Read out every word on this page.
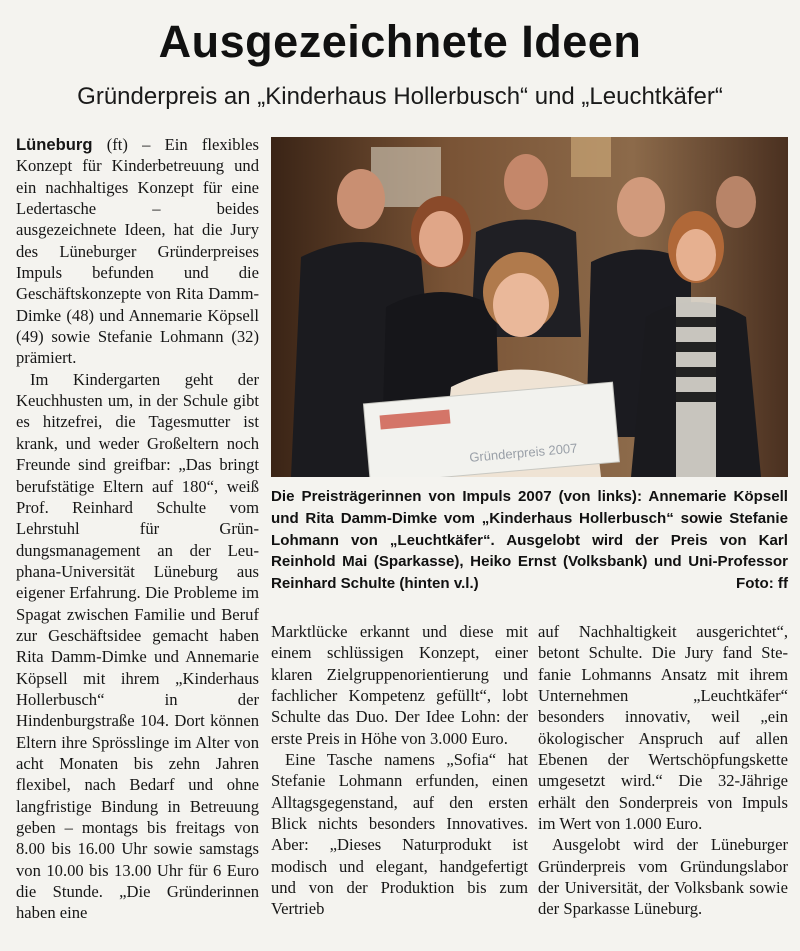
Ausgezeichnete Ideen
Gründerpreis an „Kinderhaus Hollerbusch“ und „Leuchtkäfer“

Lüneburg (ft) – Ein flexibles Konzept für Kinderbetreuung und ein nachhaltiges Konzept für eine Ledertasche – beides ausgezeichnete Ideen, hat die Jury des Lüneburger Gründerpreises Impuls befunden und die Geschäftskonzepte von Rita Damm-Dimke (48) und Annemarie Köpsell (49) sowie Stefanie Lohmann (32) prämiert.

Im Kindergarten geht der Keuchhusten um, in der Schule gibt es hitzefrei, die Tagesmutter ist krank, und weder Großeltern noch Freunde sind greifbar: „Das bringt berufstätige Eltern auf 180“, weiß Prof. Reinhard Schulte vom Lehrstuhl für Gründungsmanagement an der Leuphana-Universität Lüneburg aus eigener Erfahrung. Die Probleme im Spagat zwischen Familie und Beruf zur Geschäftsidee gemacht haben Rita Damm-Dimke und Annemarie Köpsell mit ihrem „Kinderhaus Hollerbusch“ in der Hindenburgstraße 104. Dort können Eltern ihre Sprösslinge im Alter von acht Monaten bis zehn Jahren flexibel, nach Bedarf und ohne langfristige Bindung in Betreuung geben – montags bis freitags von 8.00 bis 16.00 Uhr sowie samstags von 10.00 bis 13.00 Uhr für 6 Euro die Stunde. „Die Gründerinnen haben eine

Gründerpreis 2007
Die Preisträgerinnen von Impuls 2007 (von links): Annemarie Köpsell und Rita Damm-Dimke vom „Kinderhaus Hollerbusch“ sowie Stefanie Lohmann von „Leuchtkäfer“. Ausgelobt wird der Preis von Karl Reinhold Mai (Sparkasse), Heiko Ernst (Volksbank) und Uni-Professor Reinhard Schulte (hinten v.l.)	Foto: ff

Marktlücke erkannt und diese mit einem schlüssigen Konzept, einer klaren Zielgruppenorientierung und fachlicher Kompetenz gefüllt“, lobt Schulte das Duo. Der Idee Lohn: der erste Preis in Höhe von 3.000 Euro.

Eine Tasche namens „Sofia“ hat Stefanie Lohmann erfunden, einen Alltagsgegenstand, auf den ersten Blick nichts besonders Innovatives. Aber: „Dieses Naturprodukt ist modisch und elegant, handgefertigt und von der Produktion bis zum Vertrieb

auf Nachhaltigkeit ausgerichtet“, betont Schulte. Die Jury fand Stefanie Lohmanns Ansatz mit ihrem Unternehmen „Leuchtkäfer“ besonders innovativ, weil „ein ökologischer Anspruch auf allen Ebenen der Wertschöpfungskette umgesetzt wird.“ Die 32-Jährige erhält den Sonderpreis von Impuls im Wert von 1.000 Euro.

Ausgelobt wird der Lüneburger Gründerpreis vom Gründungslabor der Universität, der Volksbank sowie der Sparkasse Lüneburg.
